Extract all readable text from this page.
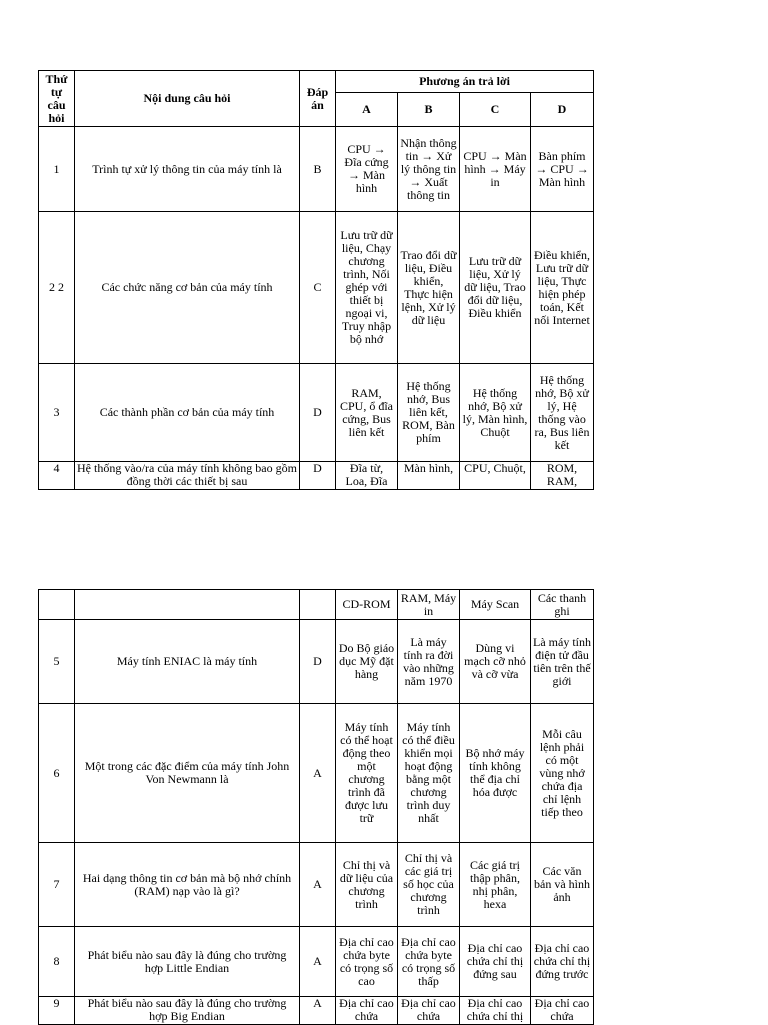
Thứ tự câu hỏi	Nội dung câu hỏi	Đáp án	Phương án trả lời			
			A	B	C	D
1	Trình tự xử lý thông tin của máy tính là	B	CPU → Đĩa cứng → Màn hình	Nhận thông tin → Xử lý thông tin → Xuất thông tin	CPU → Màn hình → Máy in	Bàn phím → CPU → Màn hình
2 2	Các chức năng cơ bản của máy tính	C	Lưu trữ dữ liệu, Chạy chương trình, Nối ghép với thiết bị ngoại vi, Truy nhập bộ nhớ	Trao đổi dữ liệu, Điều khiển, Thực hiện lệnh, Xử lý dữ liệu	Lưu trữ dữ liệu, Xử lý dữ liệu, Trao đổi dữ liệu, Điều khiển	Điều khiển, Lưu trữ dữ liệu, Thực hiện phép toán, Kết nối Internet
3	Các thành phần cơ bản của máy tính	D	RAM, CPU, ổ đĩa cứng, Bus liên kết	Hệ thống nhớ, Bus liên kết, ROM, Bàn phím	Hệ thống nhớ, Bộ xử lý, Màn hình, Chuột	Hệ thống nhớ, Bộ xử lý, Hệ thống vào ra, Bus liên kết
4	Hệ thống vào/ra của máy tính không bao gồm đồng thời các thiết bị sau	D	Đĩa từ, Loa, Đĩa	Màn hình,	CPU, Chuột,	ROM, RAM,
			CD-ROM	RAM, Máy in	Máy Scan	Các thanh ghi
5	Máy tính ENIAC là máy tính	D	Do Bộ giáo dục Mỹ đặt hàng	Là máy tính ra đời vào những năm 1970	Dùng vi mạch cỡ nhỏ và cỡ vừa	Là máy tính điện tử đầu tiên trên thế giới
6	Một trong các đặc điểm của máy tính John Von Newmann là	A	Máy tính có thể hoạt động theo một chương trình đã được lưu trữ	Máy tính có thể điều khiển mọi hoạt động bằng một chương trình duy nhất	Bộ nhớ máy tính không thể địa chỉ hóa được	Mỗi câu lệnh phải có một vùng nhớ chứa địa chỉ lệnh tiếp theo
7	Hai dạng thông tin cơ bản mà bộ nhớ chính (RAM) nạp vào là gì?	A	Chỉ thị và dữ liệu của chương trình	Chỉ thị và các giá trị số học của chương trình	Các giá trị thập phân, nhị phân, hexa	Các văn bản và hình ảnh
8	Phát biểu nào sau đây là đúng cho trường hợp Little Endian	A	Địa chỉ cao chứa byte có trọng số cao	Địa chỉ cao chứa byte có trọng số thấp	Địa chỉ cao chứa chỉ thị đứng sau	Địa chỉ cao chứa chỉ thị đứng trước
9	Phát biểu nào sau đây là đúng cho trường hợp Big Endian	A	Địa chỉ cao chứa	Địa chỉ cao chứa	Địa chỉ cao chứa chỉ thị	Địa chỉ cao chứa
